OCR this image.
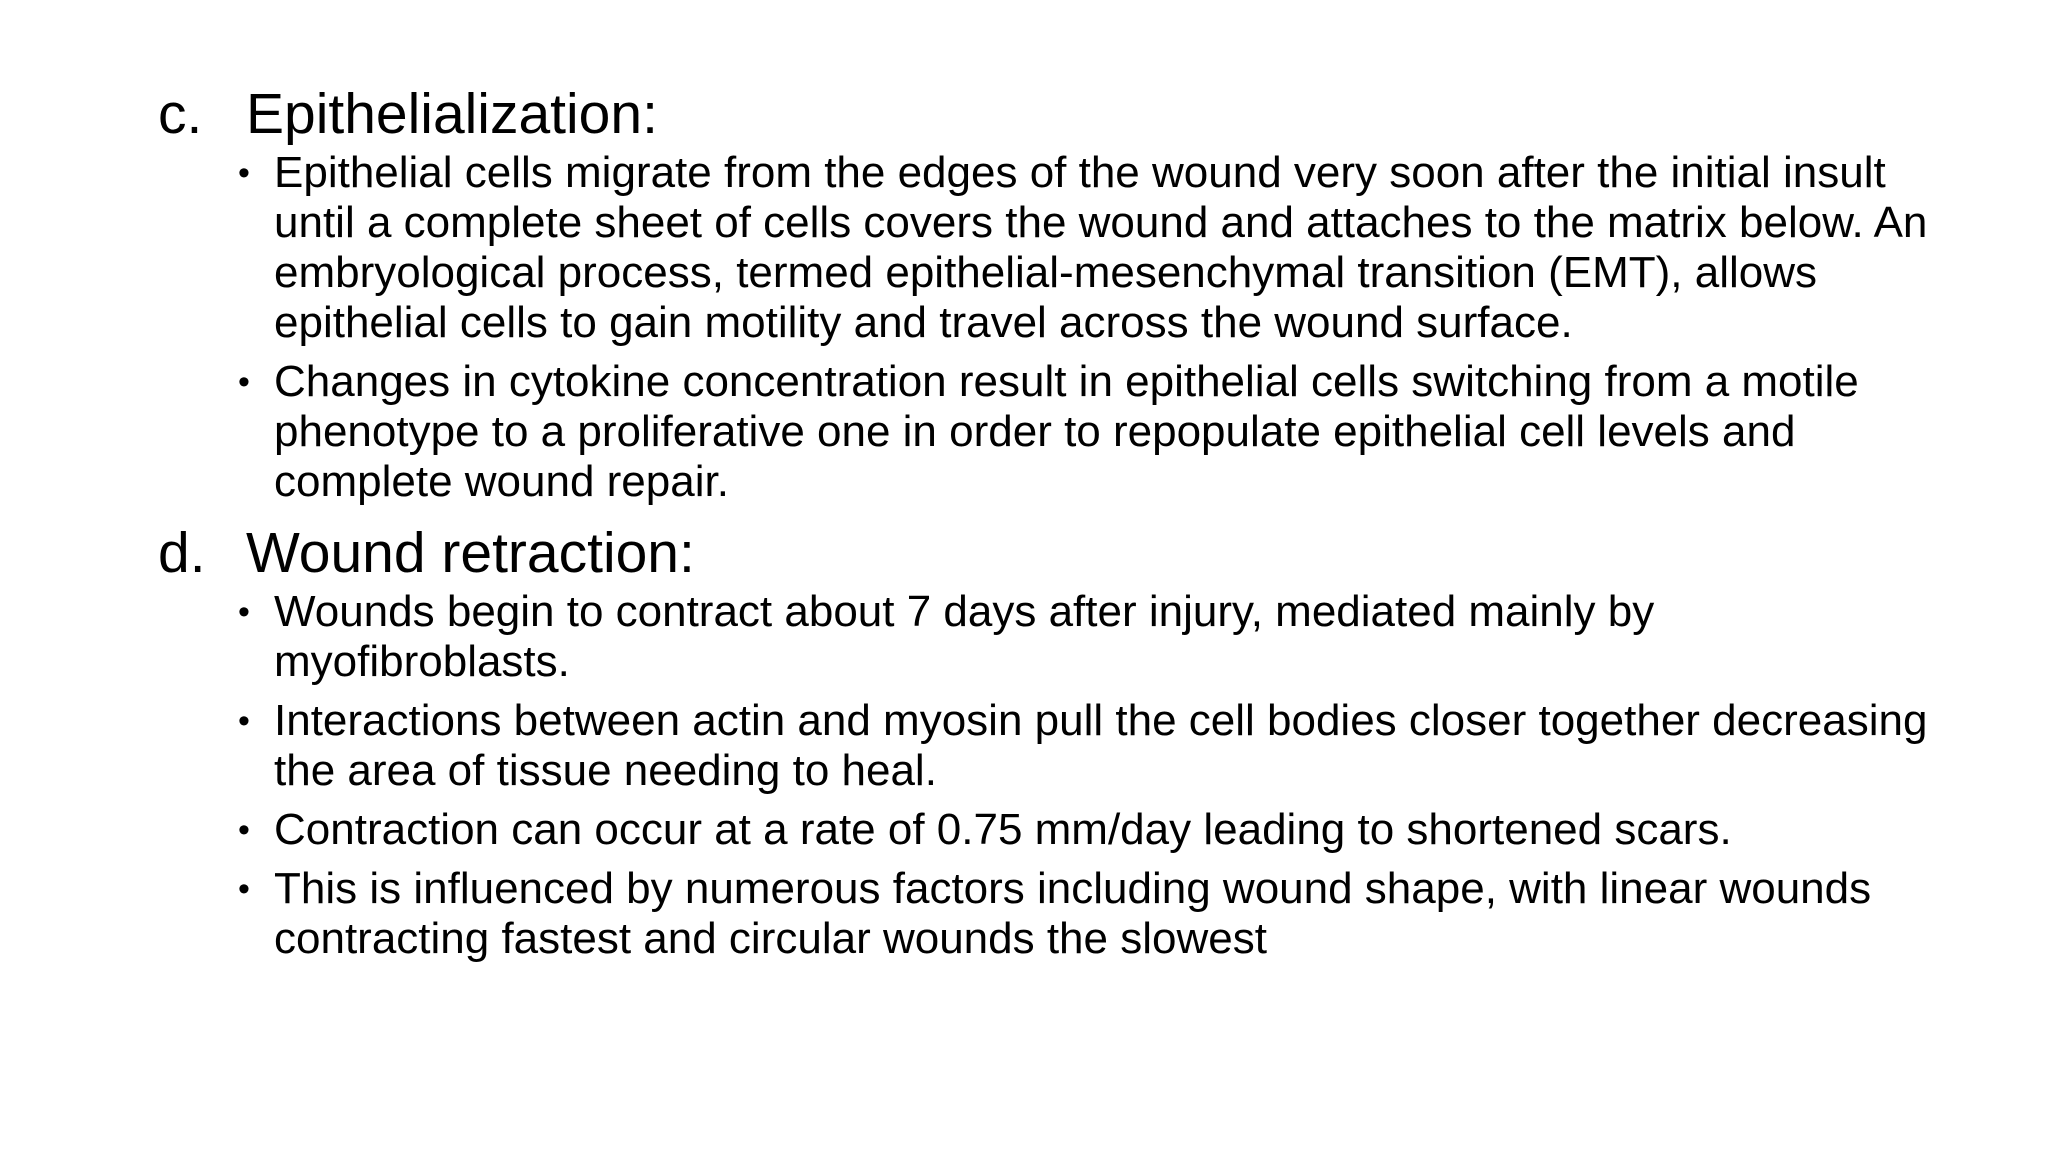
c. Epithelialization:
• Epithelial cells migrate from the edges of the wound very soon after the initial insult until a complete sheet of cells covers the wound and attaches to the matrix below. An embryological process, termed epithelial-mesenchymal transition (EMT), allows epithelial cells to gain motility and travel across the wound surface.
• Changes in cytokine concentration result in epithelial cells switching from a motile phenotype to a proliferative one in order to repopulate epithelial cell levels and complete wound repair.
d. Wound retraction:
• Wounds begin to contract about 7 days after injury, mediated mainly by myofibroblasts.
• Interactions between actin and myosin pull the cell bodies closer together decreasing the area of tissue needing to heal.
• Contraction can occur at a rate of 0.75 mm/day leading to shortened scars.
• This is influenced by numerous factors including wound shape, with linear wounds contracting fastest and circular wounds the slowest
